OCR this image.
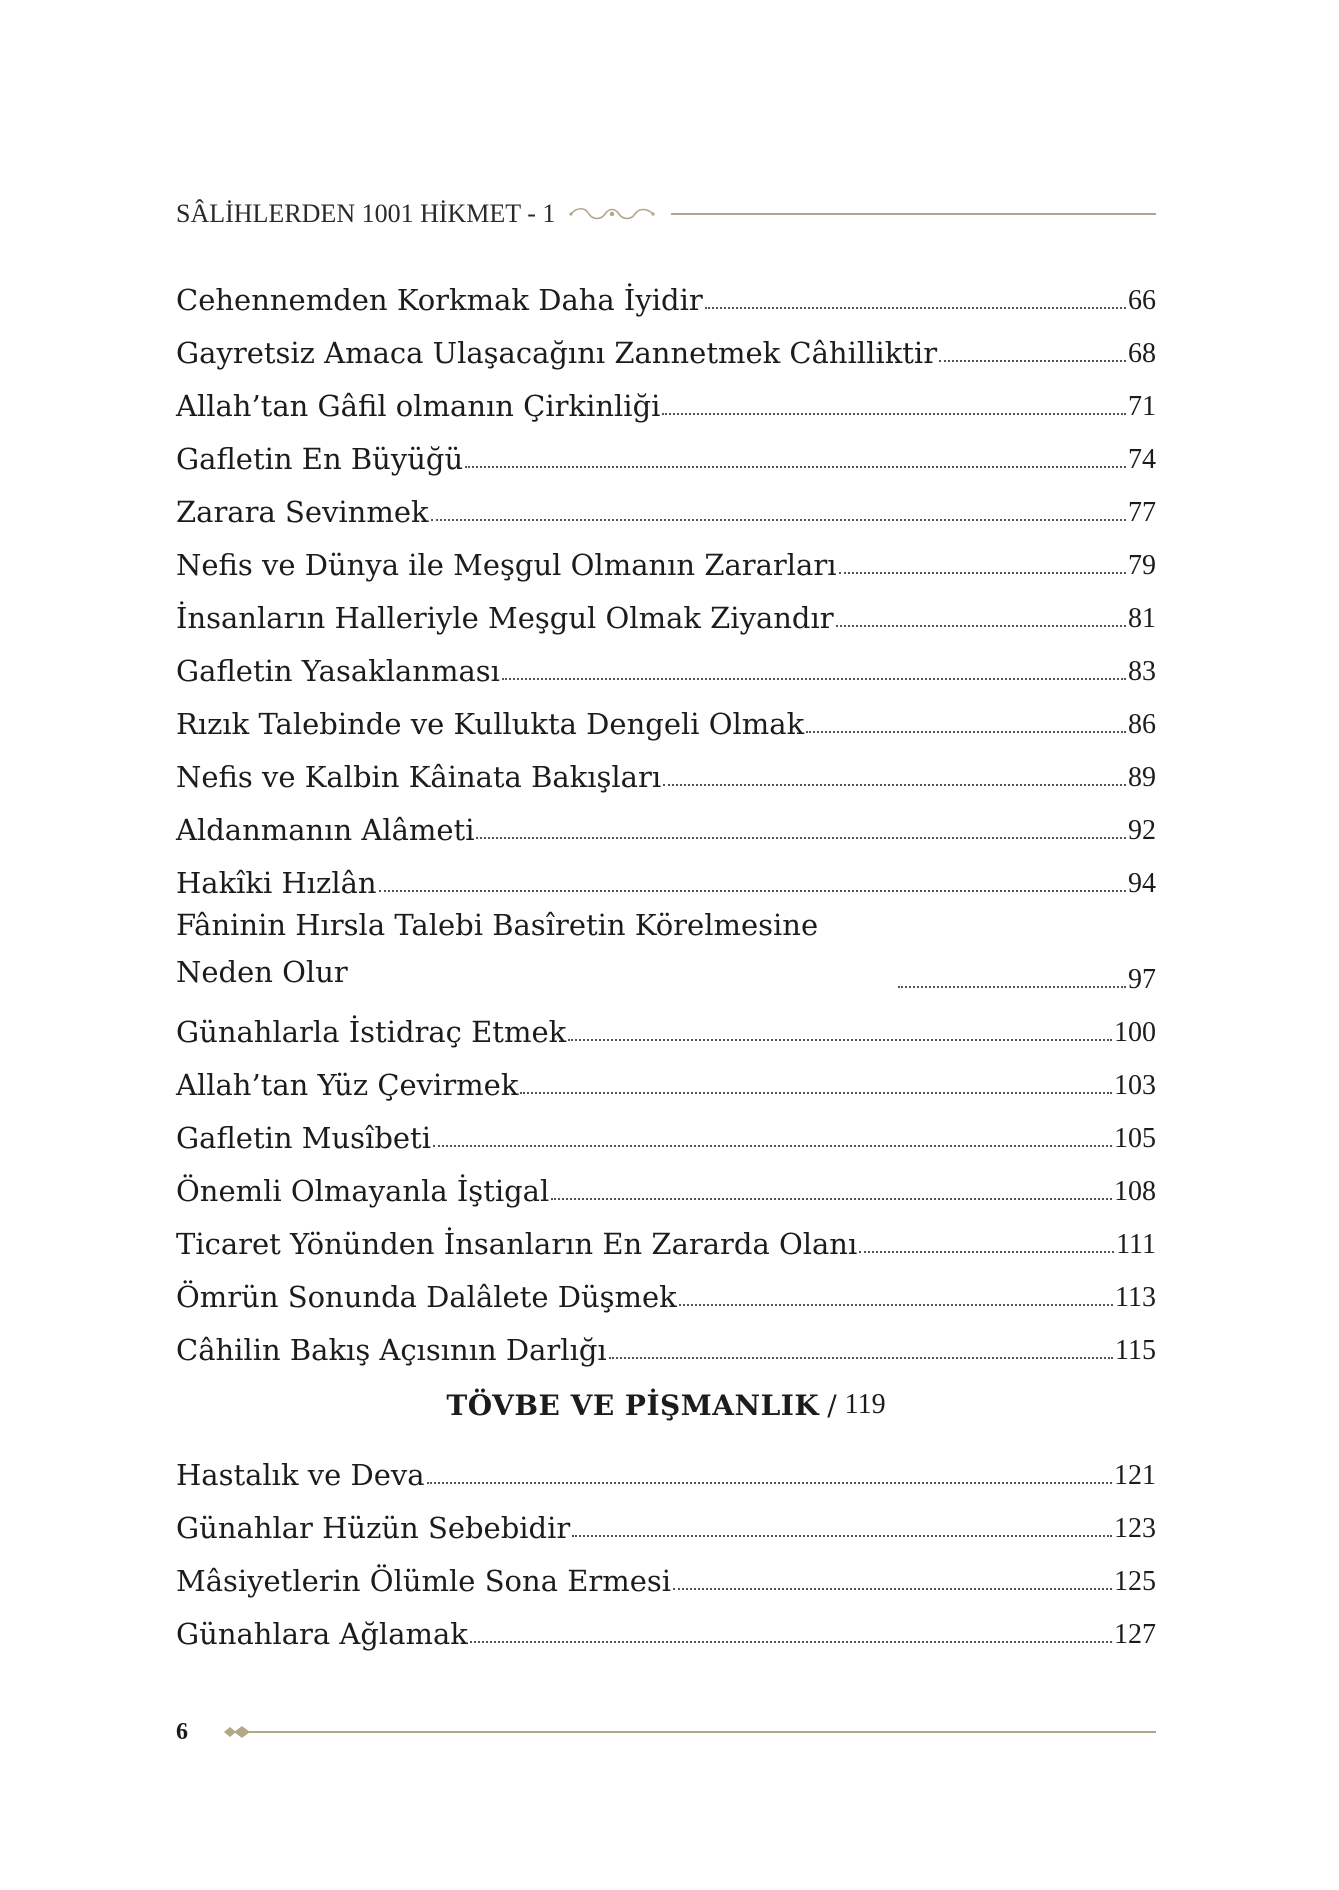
SÂLİHLERDEN 1001 HİKMET - 1
Cehennemden Korkmak Daha İyidir	66
Gayretsiz Amaca Ulaşacağını Zannetmek Câhilliktir	68
Allah’tan Gâfil olmanın Çirkinliği	71
Gafletin En Büyüğü	74
Zarara Sevinmek	77
Nefis ve Dünya ile Meşgul Olmanın Zararları	79
İnsanların Halleriyle Meşgul Olmak Ziyandır	81
Gafletin Yasaklanması	83
Rızık Talebinde ve Kullukta Dengeli Olmak	86
Nefis ve Kalbin Kâinata Bakışları	89
Aldanmanın Alâmeti	92
Hakîki Hızlân	94
Fâninin Hırsla Talebi Basîretin Körelmesine
Neden Olur	97
Günahlarla İstidraç Etmek	100
Allah’tan Yüz Çevirmek	103
Gafletin Musîbeti	105
Önemli Olmayanla İştigal	108
Ticaret Yönünden İnsanların En Zararda Olanı	111
Ömrün Sonunda Dalâlete Düşmek	113
Câhilin Bakış Açısının Darlığı	115
TÖVBE VE PİŞMANLIK / 119
Hastalık ve Deva	121
Günahlar Hüzün Sebebidir	123
Mâsiyetlerin Ölümle Sona Ermesi	125
Günahlara Ağlamak	127
6
